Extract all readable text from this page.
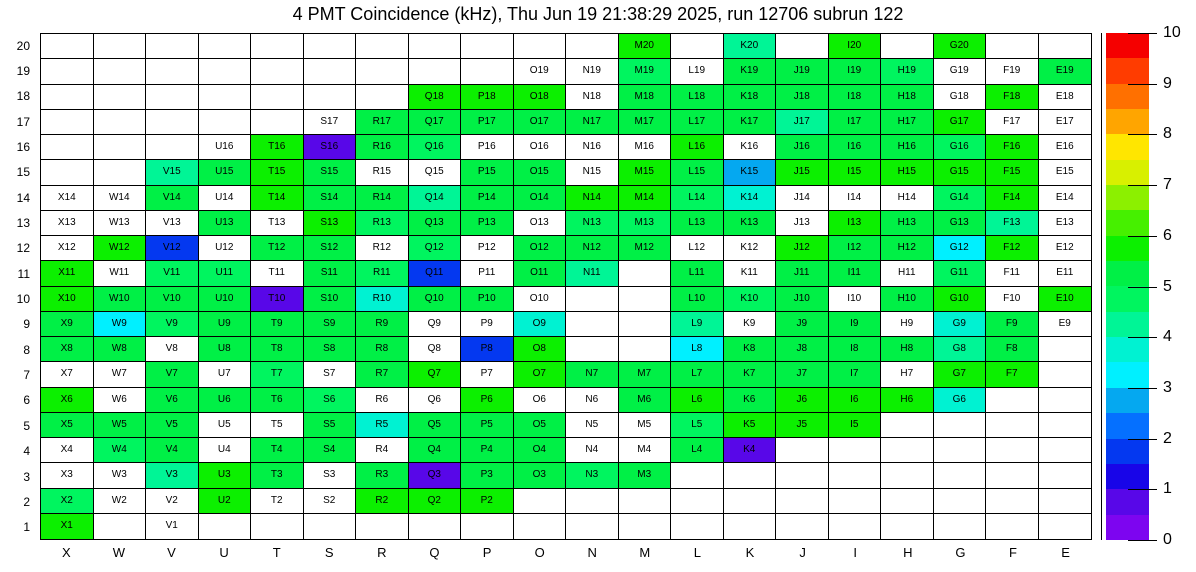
4 PMT Coincidence (kHz), Thu Jun 19 21:38:29 2025, run 12706 subrun 122
20
19
18
17
16
15
14
13
12
11
10
9
8
7
6
5
4
3
2
1
M20	K20	I20	G20
O19	N19	M19	L19	K19	J19	I19	H19	G19	F19	E19
Q18	P18	O18	N18	M18	L18	K18	J18	I18	H18	G18	F18	E18
S17	R17	Q17	P17	O17	N17	M17	L17	K17	J17	I17	H17	G17	F17	E17
U16	T16	S16	R16	Q16	P16	O16	N16	M16	L16	K16	J16	I16	H16	G16	F16	E16
V15	U15	T15	S15	R15	Q15	P15	O15	N15	M15	L15	K15	J15	I15	H15	G15	F15	E15
X14	W14	V14	U14	T14	S14	R14	Q14	P14	O14	N14	M14	L14	K14	J14	I14	H14	G14	F14	E14
X13	W13	V13	U13	T13	S13	R13	Q13	P13	O13	N13	M13	L13	K13	J13	I13	H13	G13	F13	E13
X12	W12	V12	U12	T12	S12	R12	Q12	P12	O12	N12	M12	L12	K12	J12	I12	H12	G12	F12	E12
X11	W11	V11	U11	T11	S11	R11	Q11	P11	O11	N11	L11	K11	J11	I11	H11	G11	F11	E11
X10	W10	V10	U10	T10	S10	R10	Q10	P10	O10	L10	K10	J10	I10	H10	G10	F10	E10
X9	W9	V9	U9	T9	S9	R9	Q9	P9	O9	L9	K9	J9	I9	H9	G9	F9	E9
X8	W8	V8	U8	T8	S8	R8	Q8	P8	O8	L8	K8	J8	I8	H8	G8	F8
X7	W7	V7	U7	T7	S7	R7	Q7	P7	O7	N7	M7	L7	K7	J7	I7	H7	G7	F7
X6	W6	V6	U6	T6	S6	R6	Q6	P6	O6	N6	M6	L6	K6	J6	I6	H6	G6
X5	W5	V5	U5	T5	S5	R5	Q5	P5	O5	N5	M5	L5	K5	J5	I5
X4	W4	V4	U4	T4	S4	R4	Q4	P4	O4	N4	M4	L4	K4
X3	W3	V3	U3	T3	S3	R3	Q3	P3	O3	N3	M3
X2	W2	V2	U2	T2	S2	R2	Q2	P2
X1	V1
X	W	V	U	T	S	R	Q	P	O	N	M	L	K	J	I	H	G	F	E
0
1
2
3
4
5
6
7
8
9
10
